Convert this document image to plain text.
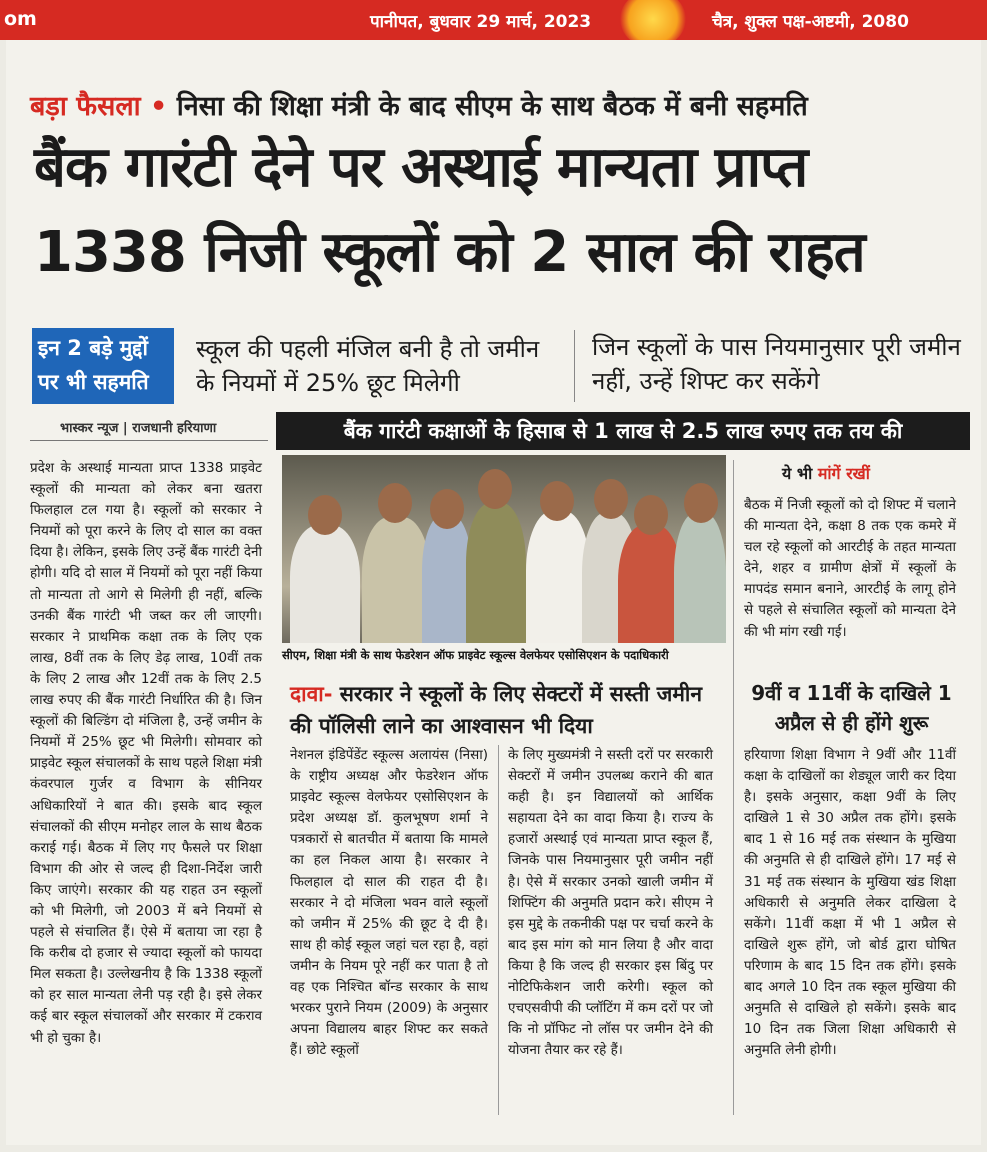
om	पानीपत, बुधवार 29 मार्च, 2023	चैत्र, शुक्ल पक्ष-अष्टमी, 2080
बड़ा फैसला • निसा की शिक्षा मंत्री के बाद सीएम के साथ बैठक में बनी सहमति
बैंक गारंटी देने पर अस्थाई मान्यता प्राप्त
1338 निजी स्कूलों को 2 साल की राहत
इन 2 बड़े मुद्दों
पर भी सहमति
स्कूल की पहली मंजिल बनी है तो जमीन के नियमों में 25% छूट मिलेगी
जिन स्कूलों के पास नियमानुसार पूरी जमीन नहीं, उन्हें शिफ्ट कर सकेंगे
भास्कर न्यूज | राजधानी हरियाणा	बैंक गारंटी कक्षाओं के हिसाब से 1 लाख से 2.5 लाख रुपए तक तय की
प्रदेश के अस्थाई मान्यता प्राप्त 1338 प्राइवेट स्कूलों की मान्यता को लेकर बना खतरा फिलहाल टल गया है। स्कूलों को सरकार ने नियमों को पूरा करने के लिए दो साल का वक्त दिया है। लेकिन, इसके लिए उन्हें बैंक गारंटी देनी होगी। यदि दो साल में नियमों को पूरा नहीं किया तो मान्यता तो आगे से मिलेगी ही नहीं, बल्कि उनकी बैंक गारंटी भी जब्त कर ली जाएगी। सरकार ने प्राथमिक कक्षा तक के लिए एक लाख, 8वीं तक के लिए डेढ़ लाख, 10वीं तक के लिए 2 लाख और 12वीं तक के लिए 2.5 लाख रुपए की बैंक गारंटी निर्धारित की है। जिन स्कूलों की बिल्डिंग दो मंजिला है, उन्हें जमीन के नियमों में 25% छूट भी मिलेगी। सोमवार को प्राइवेट स्कूल संचालकों के साथ पहले शिक्षा मंत्री कंवरपाल गुर्जर व विभाग के सीनियर अधिकारियों ने बात की। इसके बाद स्कूल संचालकों की सीएम मनोहर लाल के साथ बैठक कराई गई। बैठक में लिए गए फैसले पर शिक्षा विभाग की ओर से जल्द ही दिशा-निर्देश जारी किए जाएंगे। सरकार की यह राहत उन स्कूलों को भी मिलेगी, जो 2003 में बने नियमों से पहले से संचालित हैं। ऐसे में बताया जा रहा है कि करीब दो हजार से ज्यादा स्कूलों को फायदा मिल सकता है। उल्लेखनीय है कि 1338 स्कूलों को हर साल मान्यता लेनी पड़ रही है। इसे लेकर कई बार स्कूल संचालकों और सरकार में टकराव भी हो चुका है।
सीएम, शिक्षा मंत्री के साथ फेडरेशन ऑफ प्राइवेट स्कूल्स वेलफेयर एसोसिएशन के पदाधिकारी
दावा- सरकार ने स्कूलों के लिए सेक्टरों में सस्ती जमीन की पॉलिसी लाने का आश्वासन भी दिया
नेशनल इंडिपेंडेंट स्कूल्स अलायंस (निसा) के राष्ट्रीय अध्यक्ष और फेडरेशन ऑफ प्राइवेट स्कूल्स वेलफेयर एसोसिएशन के प्रदेश अध्यक्ष डॉ. कुलभूषण शर्मा ने पत्रकारों से बातचीत में बताया कि मामले का हल निकल आया है। सरकार ने फिलहाल दो साल की राहत दी है। सरकार ने दो मंजिला भवन वाले स्कूलों को जमीन में 25% की छूट दे दी है। साथ ही कोई स्कूल जहां चल रहा है, वहां जमीन के नियम पूरे नहीं कर पाता है तो वह एक निश्चित बॉन्ड सरकार के साथ भरकर पुराने नियम (2009) के अनुसार अपना विद्यालय बाहर शिफ्ट कर सकते हैं। छोटे स्कूलों
के लिए मुख्यमंत्री ने सस्ती दरों पर सरकारी सेक्टरों में जमीन उपलब्ध कराने की बात कही है। इन विद्यालयों को आर्थिक सहायता देने का वादा किया है। राज्य के हजारों अस्थाई एवं मान्यता प्राप्त स्कूल हैं, जिनके पास नियमानुसार पूरी जमीन नहीं है। ऐसे में सरकार उनको खाली जमीन में शिफ्टिंग की अनुमति प्रदान करे। सीएम ने इस मुद्दे के तकनीकी पक्ष पर चर्चा करने के बाद इस मांग को मान लिया है और वादा किया है कि जल्द ही सरकार इस बिंदु पर नोटिफिकेशन जारी करेगी। स्कूल को एचएसवीपी की प्लॉटिंग में कम दरों पर जो कि नो प्रॉफिट नो लॉस पर जमीन देने की योजना तैयार कर रहे हैं।
ये भी मांगें रखीं
बैठक में निजी स्कूलों को दो शिफ्ट में चलाने की मान्यता देने, कक्षा 8 तक एक कमरे में चल रहे स्कूलों को आरटीई के तहत मान्यता देने, शहर व ग्रामीण क्षेत्रों में स्कूलों के मापदंड समान बनाने, आरटीई के लागू होने से पहले से संचालित स्कूलों को मान्यता देने की भी मांग रखी गई।
9वीं व 11वीं के दाखिले 1 अप्रैल से ही होंगे शुरू
हरियाणा शिक्षा विभाग ने 9वीं और 11वीं कक्षा के दाखिलों का शेड्यूल जारी कर दिया है। इसके अनुसार, कक्षा 9वीं के लिए दाखिले 1 से 30 अप्रैल तक होंगे। इसके बाद 1 से 16 मई तक संस्थान के मुखिया की अनुमति से ही दाखिले होंगे। 17 मई से 31 मई तक संस्थान के मुखिया खंड शिक्षा अधिकारी से अनुमति लेकर दाखिला दे सकेंगे। 11वीं कक्षा में भी 1 अप्रैल से दाखिले शुरू होंगे, जो बोर्ड द्वारा घोषित परिणाम के बाद 15 दिन तक होंगे। इसके बाद अगले 10 दिन तक स्कूल मुखिया की अनुमति से दाखिले हो सकेंगे। इसके बाद 10 दिन तक जिला शिक्षा अधिकारी से अनुमति लेनी होगी।
